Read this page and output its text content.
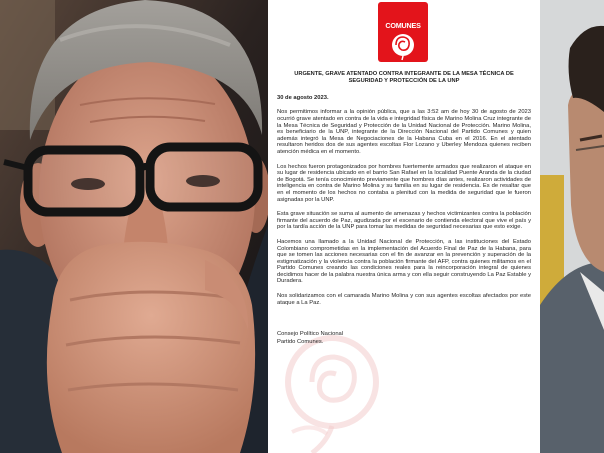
COMUNES

URGENTE, GRAVE ATENTADO CONTRA INTEGRANTE DE LA MESA TÉCNICA DE SEGURIDAD Y PROTECCIÓN DE LA UNP

30 de agosto 2023.

Nos permitimos informar a la opinión pública, que a las 3:52 am de hoy 30 de agosto de 2023 ocurrió grave atentado en contra de la vida e integridad física de Marino Molina Cruz integrante de la Mesa Técnica de Seguridad y Protección de la Unidad Nacional de Protección. Marino Molina, es beneficiario de la UNP, integrante de la Dirección Nacional del Partido Comunes y quien además integró la Mesa de Negociaciones de la Habana Cuba en el 2016. En el atentado resultaron heridos dos de sus agentes escoltas Flor Lozano y Uberley Mendoza quienes reciben atención médica en el momento.

Los hechos fueron protagonizados por hombres fuertemente armados que realizaron el ataque en su lugar de residencia ubicado en el barrio San Rafael en la localidad Puente Aranda de la ciudad de Bogotá. Se tenía conocimiento previamente que hombres días antes, realizaron actividades de inteligencia en contra de Marino Molina y su familia en su lugar de residencia. Es de resaltar que en el momento de los hechos no contaba a plenitud con la medida de seguridad que le fueron asignadas por la UNP.

Esta grave situación se suma al aumento de amenazas y hechos victimizantes contra la población firmante del acuerdo de Paz, agudizada por el escenario de contienda electoral que vive el país y por la tardía acción de la UNP para tomar las medidas de seguridad necesarias que esto exige.

Hacemos una llamado a la Unidad Nacional de Protección, a las instituciones del Estado Colombiano comprometidas en la implementación del Acuerdo Final de Paz de la Habana, para que se tomen las acciones necesarias con el fin de avanzar en la prevención y superación de la estigmatización y la violencia contra la población firmante del AFP, contra quienes militamos en el Partido Comunes creando las condiciones reales para la reincorporación integral de quienes decidimos hacer de la palabra nuestra única arma y con ella seguir construyendo La Paz Estable y Duradera.

Nos solidarizamos con el camarada Marino Molina y con sus agentes escoltas afectados por este ataque a La Paz.

Consejo Político Nacional
Partido Comunes.
